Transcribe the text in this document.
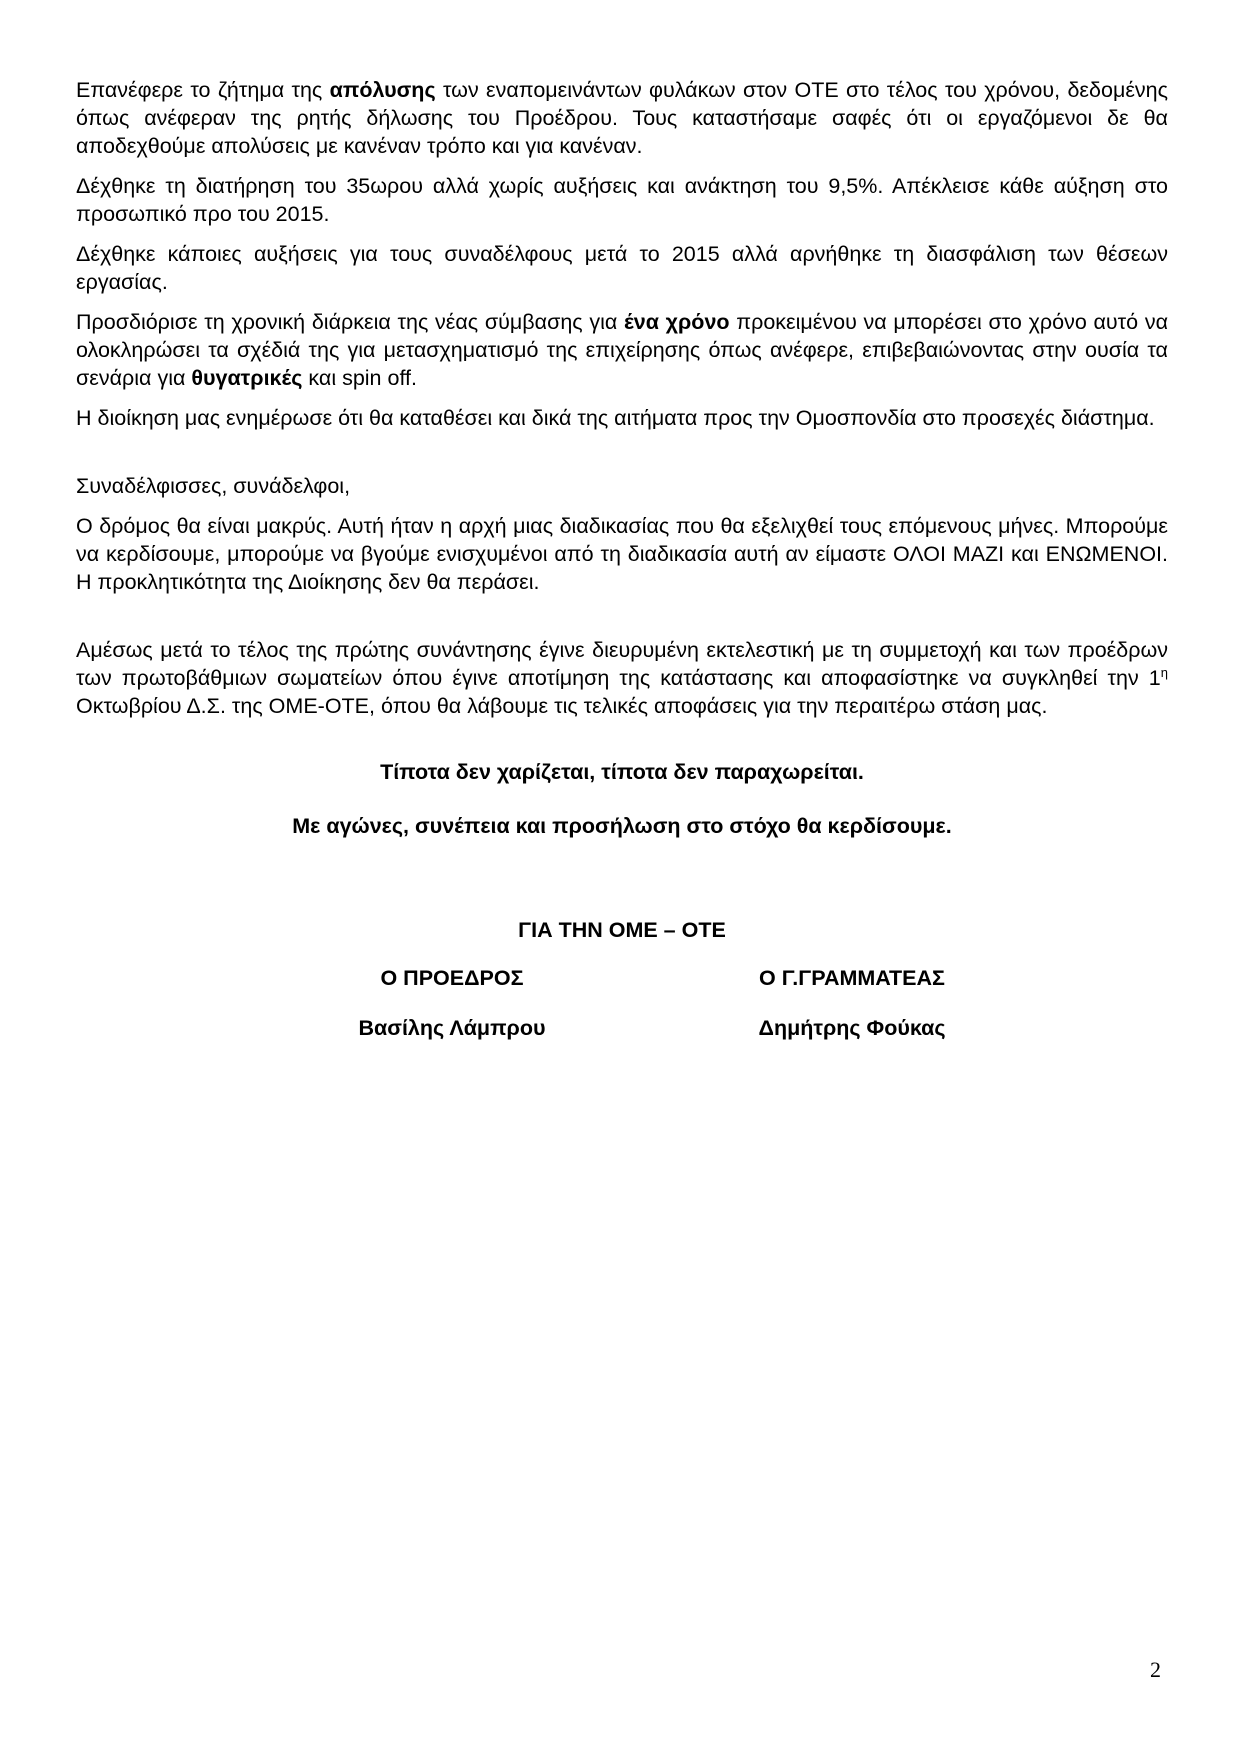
Επανέφερε το ζήτημα της απόλυσης των εναπομεινάντων φυλάκων στον ΟΤΕ στο τέλος του χρόνου, δεδομένης όπως ανέφεραν της ρητής δήλωσης του Προέδρου. Τους καταστήσαμε σαφές ότι οι εργαζόμενοι δε θα αποδεχθούμε απολύσεις με κανέναν τρόπο και για κανέναν.

Δέχθηκε τη διατήρηση του 35ωρου αλλά χωρίς αυξήσεις και ανάκτηση του 9,5%. Απέκλεισε κάθε αύξηση στο προσωπικό προ του 2015.

Δέχθηκε κάποιες αυξήσεις για τους συναδέλφους μετά το 2015 αλλά αρνήθηκε τη διασφάλιση των θέσεων εργασίας.

Προσδιόρισε τη χρονική διάρκεια της νέας σύμβασης για ένα χρόνο προκειμένου να μπορέσει στο χρόνο αυτό να ολοκληρώσει τα σχέδιά της για μετασχηματισμό της επιχείρησης όπως ανέφερε, επιβεβαιώνοντας στην ουσία τα σενάρια για θυγατρικές και spin off.

Η διοίκηση μας ενημέρωσε ότι θα καταθέσει και δικά της αιτήματα προς την Ομοσπονδία στο προσεχές διάστημα.

Συναδέλφισσες, συνάδελφοι,

Ο δρόμος θα είναι μακρύς. Αυτή ήταν η αρχή μιας διαδικασίας που θα εξελιχθεί τους επόμενους μήνες. Μπορούμε να κερδίσουμε, μπορούμε να βγούμε ενισχυμένοι από τη διαδικασία αυτή αν είμαστε ΟΛΟΙ ΜΑΖΙ και ΕΝΩΜΕΝΟΙ. Η προκλητικότητα της Διοίκησης δεν θα περάσει.

Αμέσως μετά το τέλος της πρώτης συνάντησης έγινε διευρυμένη εκτελεστική με τη συμμετοχή και των προέδρων των πρωτοβάθμιων σωματείων όπου έγινε αποτίμηση της κατάστασης και αποφασίστηκε να συγκληθεί την $1^\eta$ Οκτωβρίου Δ.Σ. της ΟΜΕ-ΟΤΕ, όπου θα λάβουμε τις τελικές αποφάσεις για την περαιτέρω στάση μας.

Τίποτα δεν χαρίζεται, τίποτα δεν παραχωρείται.

Με αγώνες, συνέπεια και προσήλωση στο στόχο θα κερδίσουμε.

ΓΙΑ ΤΗΝ ΟΜΕ – ΟΤΕ

Ο ΠΡΟΕΔΡΟΣ	Ο Γ.ΓΡΑΜΜΑΤΕΑΣ
Βασίλης Λάμπρου	Δημήτρης Φούκας
2
